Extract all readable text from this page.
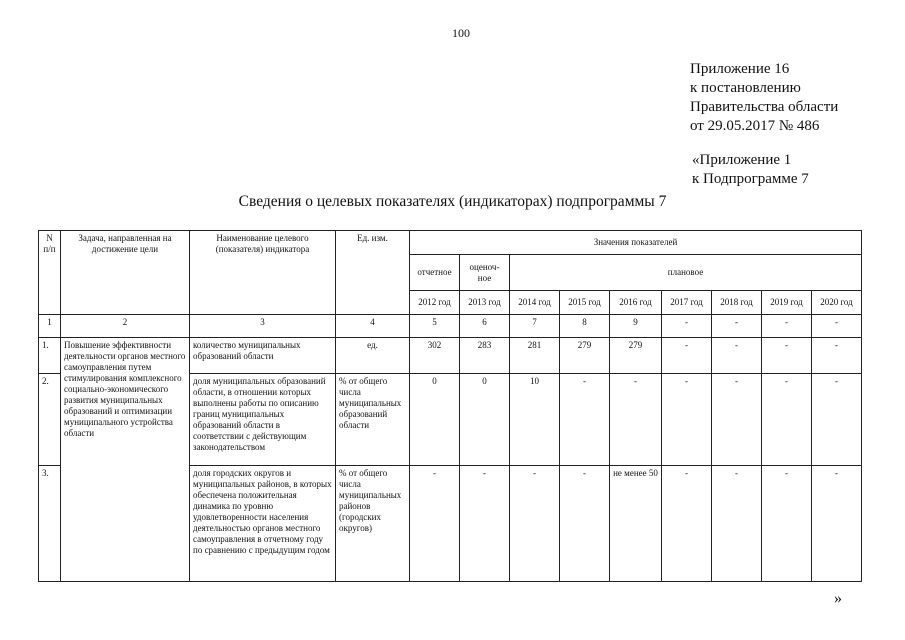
100
Приложение 16
к постановлению
Правительства области
от 29.05.2017 № 486
«Приложение 1
к Подпрограмме 7
Сведения о целевых показателях (индикаторах) подпрограммы 7
N п/п	Задача, направленная на достижение цели	Наименование целевого (показателя) индикатора	Ед. изм.	Значения показателей								
				отчетное	оценоч-ное	плановое						
				2012 год	2013 год	2014 год	2015 год	2016 год	2017 год	2018 год	2019 год	2020 год
1	2	3	4	5	6	7	8	9	-	-	-	-
1.	Повышение эффективности деятельности органов местного самоуправления путем стимулирования комплексного социально-экономического развития муниципальных образований и оптимизации муниципального устройства области	количество муниципальных образований области	ед.	302	283	281	279	279	-	-	-	-
2.		доля муниципальных образований области, в отношении которых выполнены работы по описанию границ муниципальных образований области в соответствии с действующим законодательством	% от общего числа муниципальных образований области	0	0	10	-	-	-	-	-	-
3.		доля городских округов и муниципальных районов, в которых обеспечена положительная динамика по уровню удовлетворенности населения деятельностью органов местного самоуправления в отчетному году по сравнению с предыдущим годом	% от общего числа муниципальных районов (городских округов)	-	-	-	-	не менее 50	-	-	-	-
»
